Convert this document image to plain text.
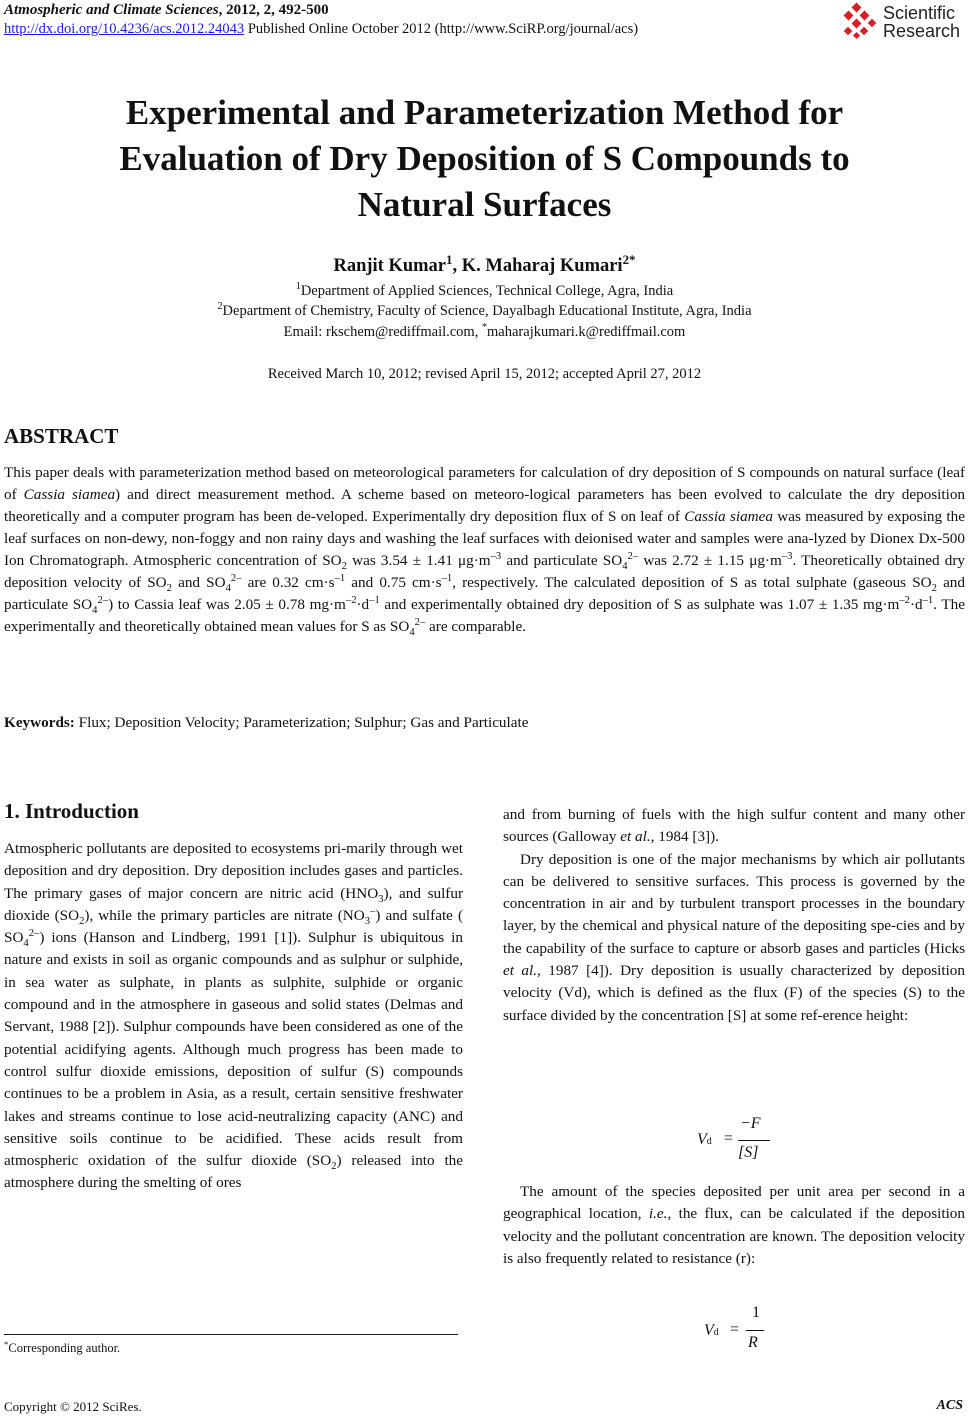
Atmospheric and Climate Sciences, 2012, 2, 492-500
http://dx.doi.org/10.4236/acs.2012.24043 Published Online October 2012 (http://www.SciRP.org/journal/acs)
Scientific
Research
Experimental and Parameterization Method for
Evaluation of Dry Deposition of S Compounds to
Natural Surfaces
Ranjit Kumar$^1$, K. Maharaj Kumari$^{2*}$
$^1$Department of Applied Sciences, Technical College, Agra, India
$^2$Department of Chemistry, Faculty of Science, Dayalbagh Educational Institute, Agra, India
Email: rkschem@rediffmail.com, *maharajkumari.k@rediffmail.com
Received March 10, 2012; revised April 15, 2012; accepted April 27, 2012
ABSTRACT

This paper deals with parameterization method based on meteorological parameters for calculation of dry deposition of S compounds on natural surface (leaf of Cassia siamea) and direct measurement method. A scheme based on meteoro-logical parameters has been evolved to calculate the dry deposition theoretically and a computer program has been de-veloped. Experimentally dry deposition flux of S on leaf of Cassia siamea was measured by exposing the leaf surfaces on non-dewy, non-foggy and non rainy days and washing the leaf surfaces with deionised water and samples were ana-lyzed by Dionex Dx-500 Ion Chromatograph. Atmospheric concentration of $SO_2$ was 3.54 ± 1.41 $\mu g\cdot m^{-3}$ and particulate $SO_4^{2-}$ was 2.72 ± 1.15 $\mu g\cdot m^{-3}$. Theoretically obtained dry deposition velocity of $SO_2$ and $SO_4^{2-}$ are 0.32 $cm\cdot s^{-1}$ and 0.75 $cm\cdot s^{-1}$, respectively. The calculated deposition of S as total sulphate (gaseous $SO_2$ and particulate $SO_4^{2-}$) to Cassia leaf was 2.05 ± 0.78 $mg\cdot m^{-2}\cdot d^{-1}$ and experimentally obtained dry deposition of S as sulphate was 1.07 ± 1.35 $mg\cdot m^{-2}\cdot d^{-1}$. The experimentally and theoretically obtained mean values for S as $SO_4^{2-}$ are comparable.

Keywords: Flux; Deposition Velocity; Parameterization; Sulphur; Gas and Particulate
1. Introduction

Atmospheric pollutants are deposited to ecosystems pri-marily through wet deposition and dry deposition. Dry deposition includes gases and particles. The primary gases of major concern are nitric acid $(HNO_3)$, and sulfur dioxide $(SO_2)$, while the primary particles are nitrate $(NO_3^-)$ and sulfate $(SO_4^{2-})$ ions (Hanson and Lindberg, 1991 [1]). Sulphur is ubiquitous in nature and exists in soil as organic compounds and as sulphur or sulphide, in sea water as sulphate, in plants as sulphite, sulphide or organic compound and in the atmosphere in gaseous and solid states (Delmas and Servant, 1988 [2]). Sulphur compounds have been considered as one of the potential acidifying agents. Although much progress has been made to control sulfur dioxide emissions, deposition of sulfur (S) compounds continues to be a problem in Asia, as a result, certain sensitive freshwater lakes and streams continue to lose acid-neutralizing capacity (ANC) and sensitive soils continue to be acidified. These acids result from atmospheric oxidation of the sulfur dioxide $(SO_2)$ released into the atmosphere during the smelting of ores

and from burning of fuels with the high sulfur content and many other sources (Galloway et al., 1984 [3]).

Dry deposition is one of the major mechanisms by which air pollutants can be delivered to sensitive surfaces. This process is governed by the concentration in air and by turbulent transport processes in the boundary layer, by the chemical and physical nature of the depositing spe-cies and by the capability of the surface to capture or absorb gases and particles (Hicks et al., 1987 [4]). Dry deposition is usually characterized by deposition velocity (Vd), which is defined as the flux (F) of the species (S) to the surface divided by the concentration [S] at some ref-erence height:

Vd =
−F
[S]

The amount of the species deposited per unit area per second in a geographical location, i.e., the flux, can be calculated if the deposition velocity and the pollutant concentration are known. The deposition velocity is also frequently related to resistance (r):

Vd =
1
R
*Corresponding author.
Copyright © 2012 SciRes.	ACS
